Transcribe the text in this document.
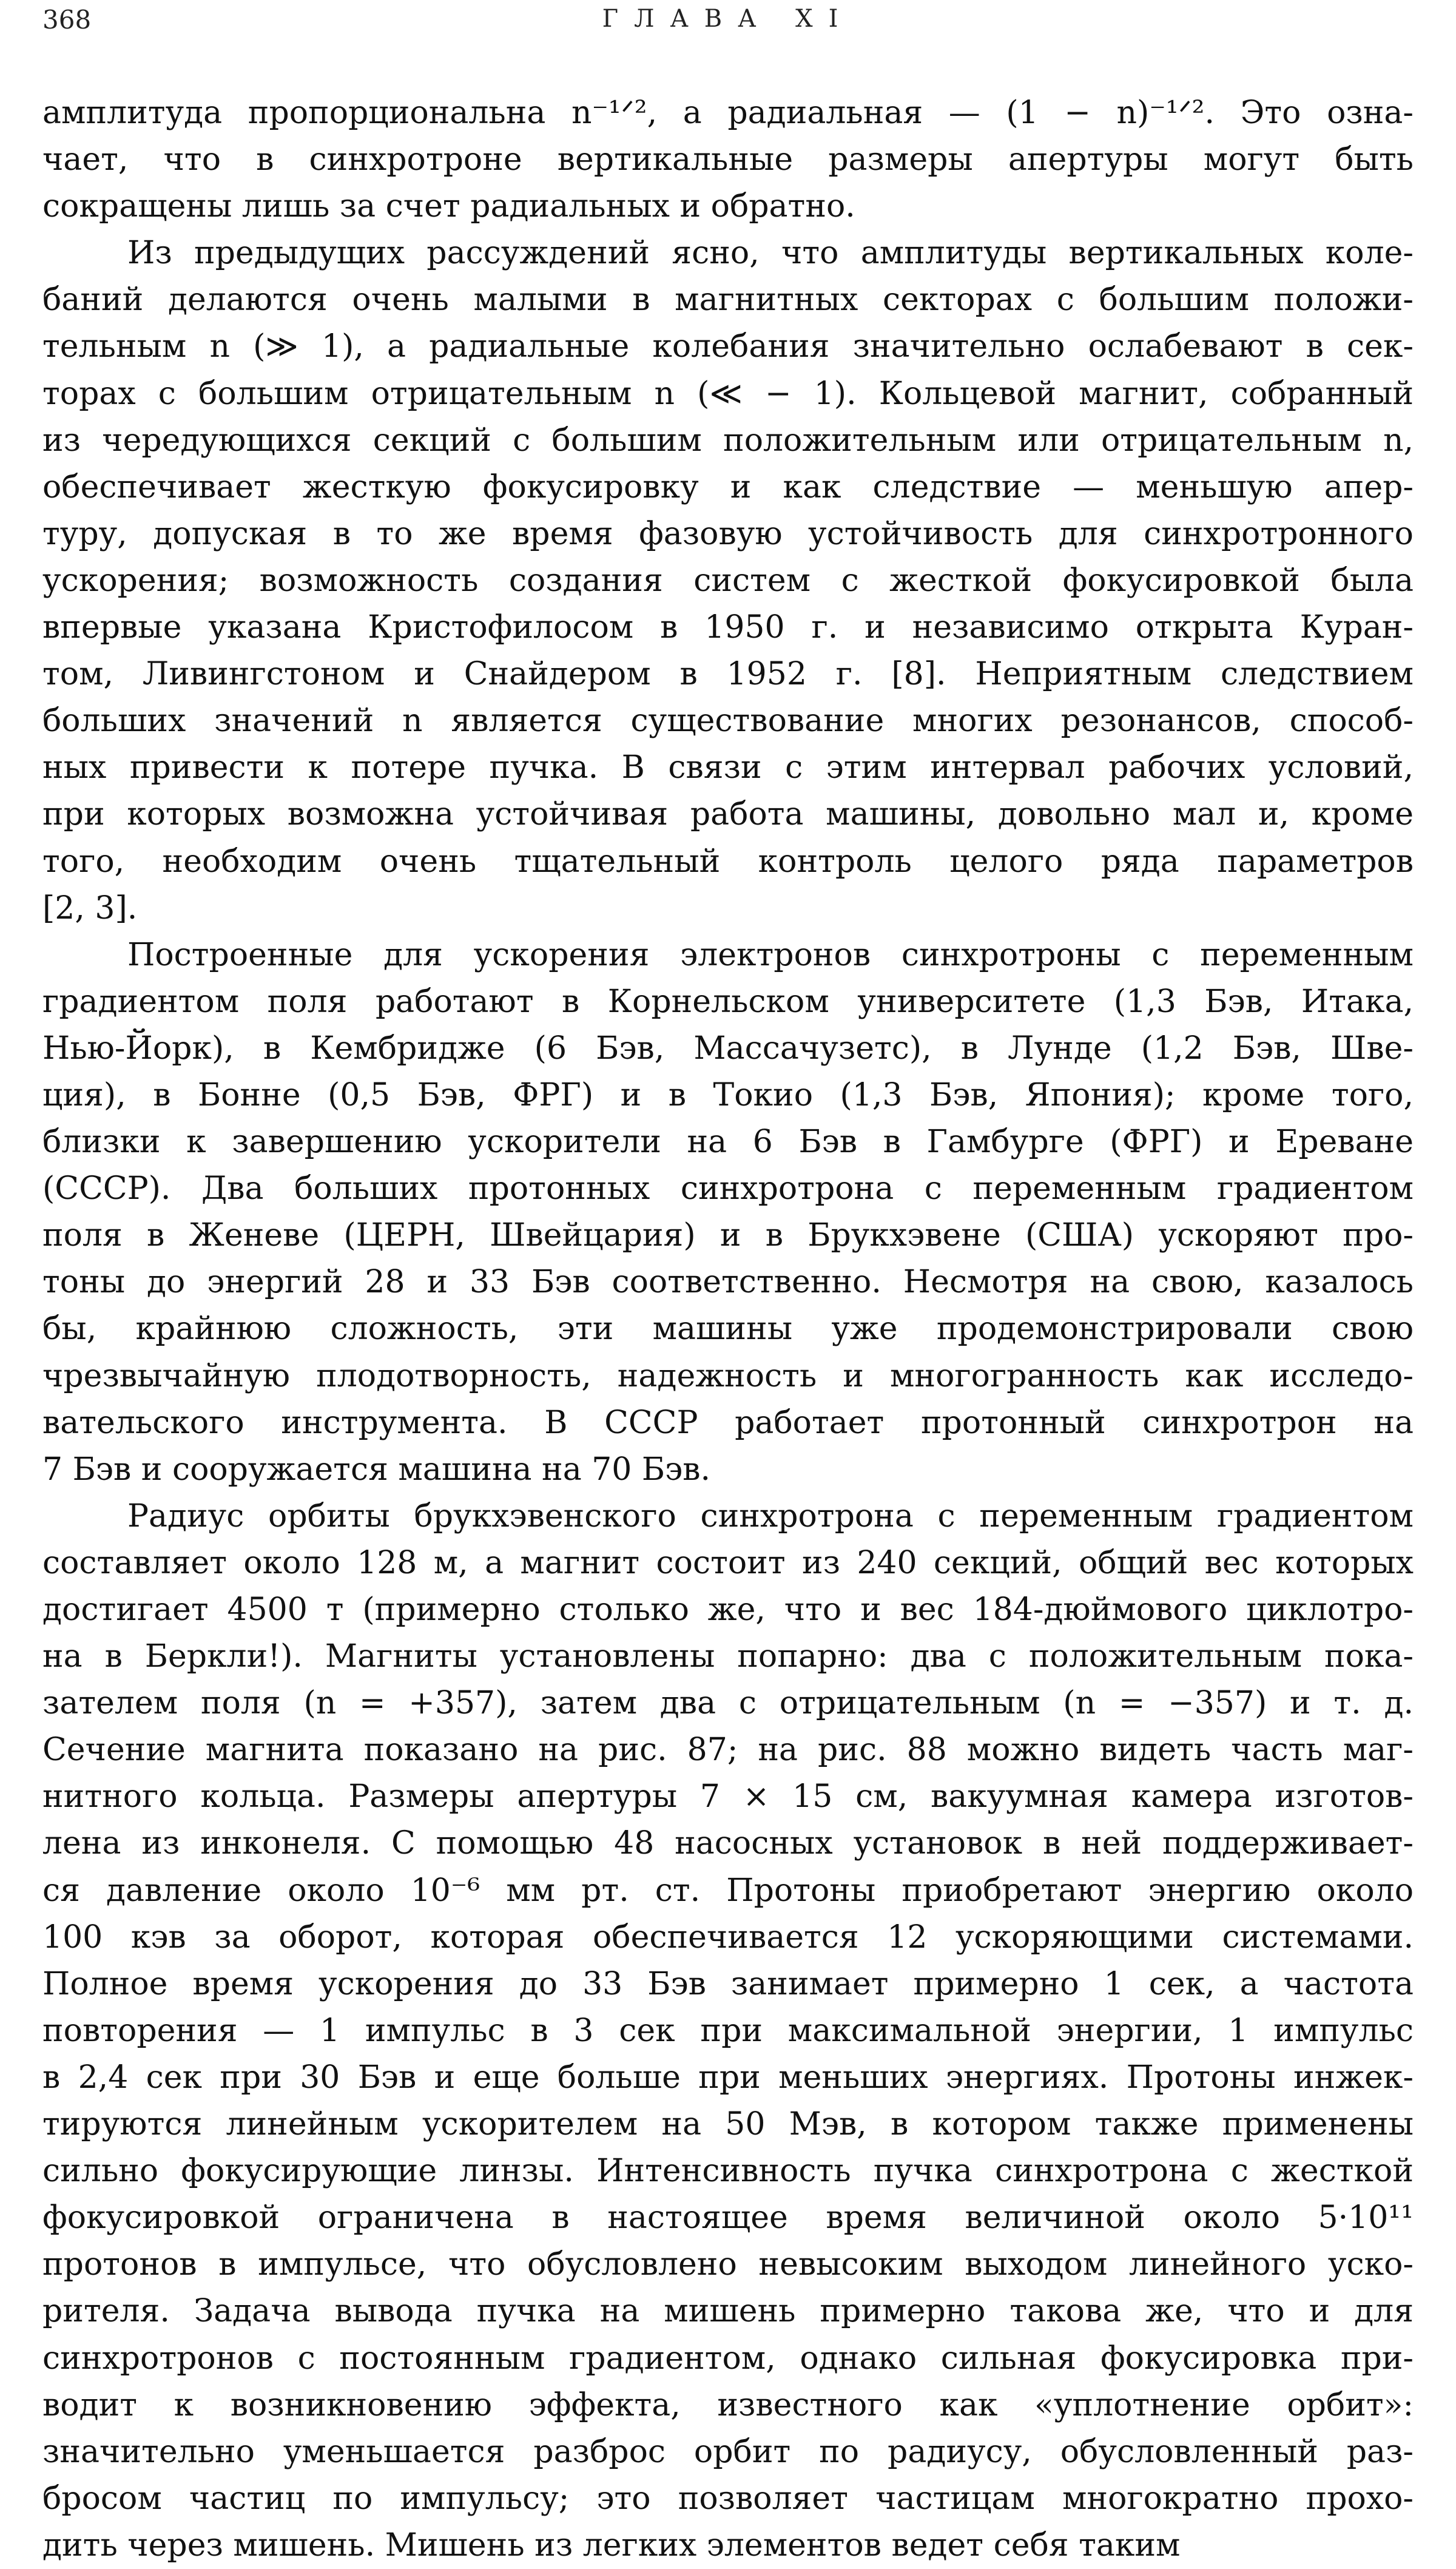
368	ГЛАВА XI
амплитуда пропорциональна n⁻¹ᐟ², а радиальная — (1 − n)⁻¹ᐟ². Это озна-
чает, что в синхротроне вертикальные размеры апертуры могут быть
сокращены лишь за счет радиальных и обратно.
Из предыдущих рассуждений ясно, что амплитуды вертикальных коле-
баний делаются очень малыми в магнитных секторах с большим положи-
тельным n (≫ 1), а радиальные колебания значительно ослабевают в сек-
торах с большим отрицательным n (≪ − 1). Кольцевой магнит, собранный
из чередующихся секций с большим положительным или отрицательным n,
обеспечивает жесткую фокусировку и как следствие — меньшую апер-
туру, допуская в то же время фазовую устойчивость для синхротронного
ускорения; возможность создания систем с жесткой фокусировкой была
впервые указана Кристофилосом в 1950 г. и независимо открыта Куран-
том, Ливингстоном и Снайдером в 1952 г. [8]. Неприятным следствием
больших значений n является существование многих резонансов, способ-
ных привести к потере пучка. В связи с этим интервал рабочих условий,
при которых возможна устойчивая работа машины, довольно мал и, кроме
того, необходим очень тщательный контроль целого ряда параметров
[2, 3].
Построенные для ускорения электронов синхротроны с переменным
градиентом поля работают в Корнельском университете (1,3 Бэв, Итака,
Нью-Йорк), в Кембридже (6 Бэв, Массачузетс), в Лунде (1,2 Бэв, Шве-
ция), в Бонне (0,5 Бэв, ФРГ) и в Токио (1,3 Бэв, Япония); кроме того,
близки к завершению ускорители на 6 Бэв в Гамбурге (ФРГ) и Ереване
(СССР). Два больших протонных синхротрона с переменным градиентом
поля в Женеве (ЦЕРН, Швейцария) и в Брукхэвене (США) ускоряют про-
тоны до энергий 28 и 33 Бэв соответственно. Несмотря на свою, казалось
бы, крайнюю сложность, эти машины уже продемонстрировали свою
чрезвычайную плодотворность, надежность и многогранность как исследо-
вательского инструмента. В СССР работает протонный синхротрон на
7 Бэв и сооружается машина на 70 Бэв.
Радиус орбиты брукхэвенского синхротрона с переменным градиентом
составляет около 128 м, а магнит состоит из 240 секций, общий вес которых
достигает 4500 т (примерно столько же, что и вес 184-дюймового циклотро-
на в Беркли!). Магниты установлены попарно: два с положительным пока-
зателем поля (n = +357), затем два с отрицательным (n = −357) и т. д.
Сечение магнита показано на рис. 87; на рис. 88 можно видеть часть маг-
нитного кольца. Размеры апертуры 7 × 15 см, вакуумная камера изготов-
лена из инконеля. С помощью 48 насосных установок в ней поддерживает-
ся давление около 10⁻⁶ мм рт. ст. Протоны приобретают энергию около
100 кэв за оборот, которая обеспечивается 12 ускоряющими системами.
Полное время ускорения до 33 Бэв занимает примерно 1 сек, а частота
повторения — 1 импульс в 3 сек при максимальной энергии, 1 импульс
в 2,4 сек при 30 Бэв и еще больше при меньших энергиях. Протоны инжек-
тируются линейным ускорителем на 50 Мэв, в котором также применены
сильно фокусирующие линзы. Интенсивность пучка синхротрона с жесткой
фокусировкой ограничена в настоящее время величиной около 5·10¹¹
протонов в импульсе, что обусловлено невысоким выходом линейного уско-
рителя. Задача вывода пучка на мишень примерно такова же, что и для
синхротронов с постоянным градиентом, однако сильная фокусировка при-
водит к возникновению эффекта, известного как «уплотнение орбит»:
значительно уменьшается разброс орбит по радиусу, обусловленный раз-
бросом частиц по импульсу; это позволяет частицам многократно прохо-
дить через мишень. Мишень из легких элементов ведет себя таким
